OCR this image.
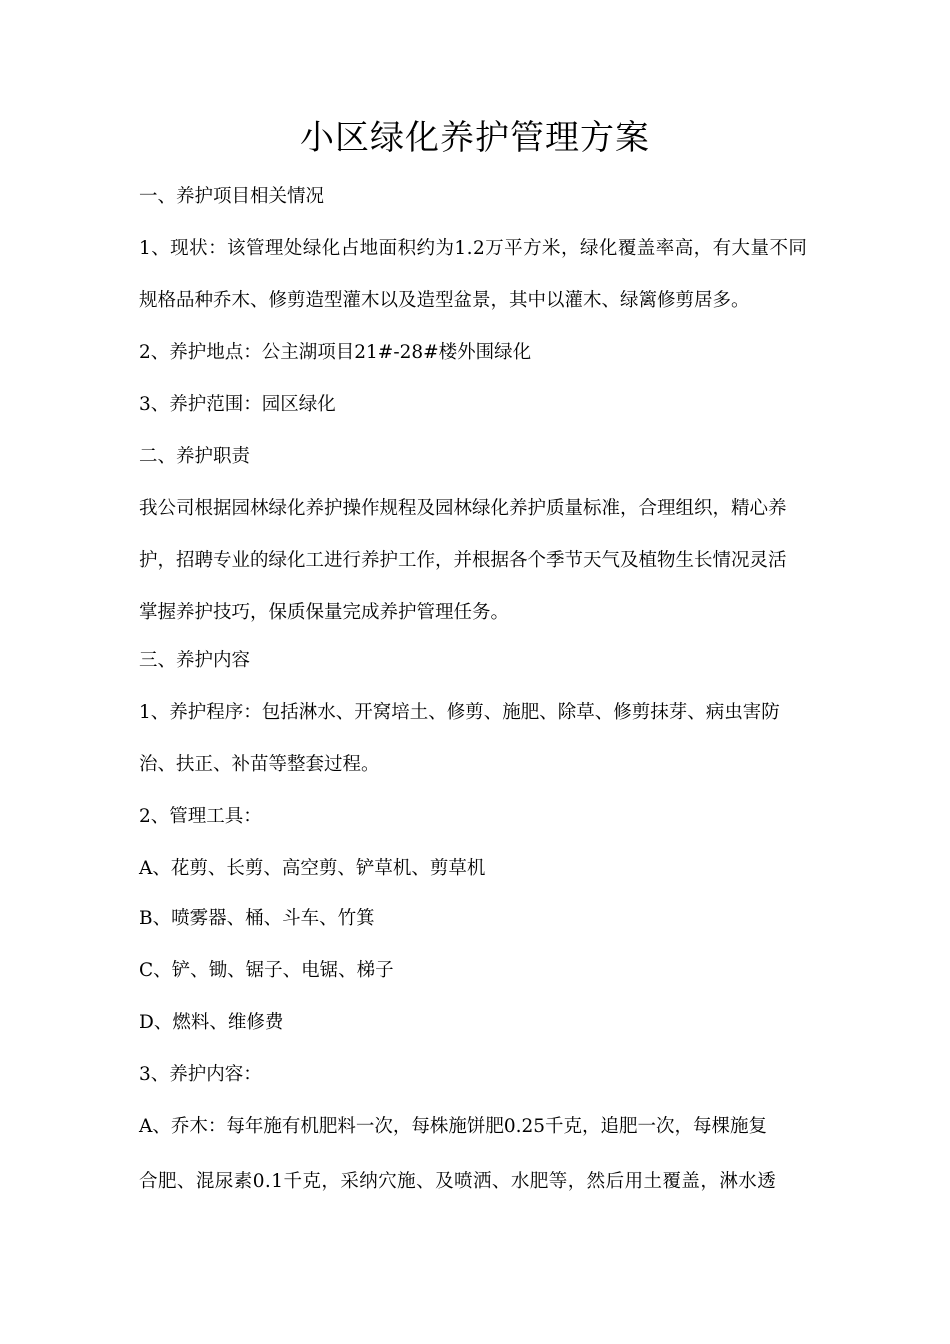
小区绿化养护管理方案

一、养护项目相关情况

1、现状：该管理处绿化占地面积约为1.2万平方米，绿化覆盖率高，有大量不同

规格品种乔木、修剪造型灌木以及造型盆景，其中以灌木、绿篱修剪居多。

2、养护地点：公主湖项目21#-28#楼外围绿化

3、养护范围：园区绿化

二、养护职责

我公司根据园林绿化养护操作规程及园林绿化养护质量标准，合理组织，精心养

护，招聘专业的绿化工进行养护工作，并根据各个季节天气及植物生长情况灵活

掌握养护技巧，保质保量完成养护管理任务。

三、养护内容

1、养护程序：包括淋水、开窝培土、修剪、施肥、除草、修剪抹芽、病虫害防

治、扶正、补苗等整套过程。

2、管理工具：

A、花剪、长剪、高空剪、铲草机、剪草机

B、喷雾器、桶、斗车、竹箕

C、铲、锄、锯子、电锯、梯子

D、燃料、维修费

3、养护内容：

A、乔木：每年施有机肥料一次，每株施饼肥0.25千克，追肥一次，每棵施复

合肥、混尿素0.1千克，采纳穴施、及喷洒、水肥等，然后用土覆盖，淋水透
